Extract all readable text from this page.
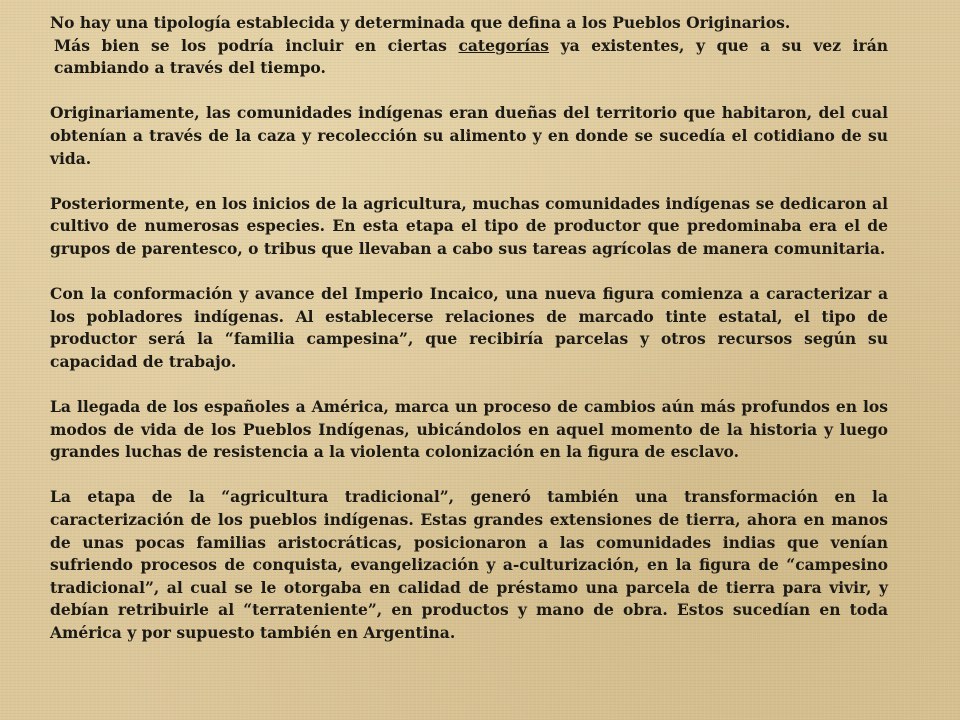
No hay una tipología establecida y determinada que defina a los Pueblos Originarios.
Más bien se los podría incluir en ciertas categorías ya existentes, y que a su vez irán cambiando a través del tiempo.

Originariamente, las comunidades indígenas eran dueñas del territorio que habitaron, del cual obtenían a través de la caza y recolección su alimento y en donde se sucedía el cotidiano de su vida.

Posteriormente, en los inicios de la agricultura, muchas comunidades indígenas se dedicaron al cultivo de numerosas especies. En esta etapa el tipo de productor que predominaba era el de grupos de parentesco, o tribus que llevaban a cabo sus tareas agrícolas de manera comunitaria.

Con la conformación y avance del Imperio Incaico, una nueva figura comienza a caracterizar a los pobladores indígenas. Al establecerse relaciones de marcado tinte estatal, el tipo de productor será la “familia campesina”, que recibiría parcelas y otros recursos según su capacidad de trabajo.

La llegada de los españoles a América, marca un proceso de cambios aún más profundos en los modos de vida de los Pueblos Indígenas, ubicándolos en aquel momento de la historia y luego grandes luchas de resistencia a la violenta colonización en la figura de esclavo.

La etapa de la “agricultura tradicional”, generó también una transformación en la caracterización de los pueblos indígenas. Estas grandes extensiones de tierra, ahora en manos de unas pocas familias aristocráticas, posicionaron a las comunidades indias que venían sufriendo procesos de conquista, evangelización y a-culturización, en la figura de “campesino tradicional”, al cual se le otorgaba en calidad de préstamo una parcela de tierra para vivir, y debían retribuirle al “terrateniente”, en productos y mano de obra. Estos sucedían en toda América y por supuesto también en Argentina.
